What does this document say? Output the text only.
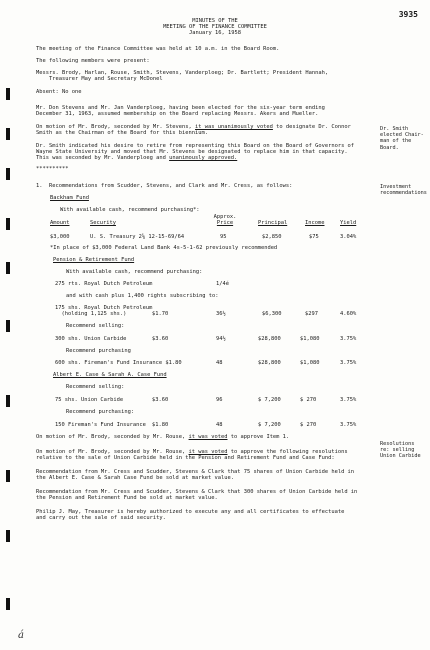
3935
MINUTES OF THE
MEETING OF THE FINANCE COMMITTEE
January 16, 1958
The meeting of the Finance Committee was held at 10 a.m. in the Board Room.
The following members were present:
Messrs. Brody, Harlan, Rouse, Smith, Stevens, Vanderploeg; Dr. Bartlett; President Hannah,
Treasurer May and Secretary McDonel
Absent: No one
Mr. Don Stevens and Mr. Jan Vanderploeg, having been elected for the six-year term ending
December 31, 1963, assumed membership on the Board replacing Messrs. Akers and Mueller.
On motion of Mr. Brody, seconded by Mr. Stevens, it was unanimously voted to designate Dr. Connor
Smith as the Chairman of the Board for this biennium.
Dr. Smith indicated his desire to retire from representing this Board on the Board of Governors of
Wayne State University and moved that Mr. Stevens be designated to replace him in that capacity.
This was seconded by Mr. Vanderploeg and unanimously approved.
**********
1.  Recommendations from Scudder, Stevens, and Clark and Mr. Cress, as follows:
Backham Fund
With available cash, recommend purchasing*:
Approx.
Amount	Security	Price	Principal	Income	Yield
$3,000	U. S. Treasury 2⅝ 12-15-69/64	95	$2,850	$75	3.04%
*In place of $3,000 Federal Land Bank 4s-5-1-62 previously recommended
Pension & Retirement Fund
With available cash, recommend purchasing:
275 rts. Royal Dutch Petroleum	1/4é
and with cash plus 1,400 rights subscribing to:
175 shs. Royal Dutch Petroleum
(holding 1,125 shs.)	$1.70	36½	$6,300	$297	4.60%
Recommend selling:
300 shs. Union Carbide	$3.60	94½	$28,800	$1,080	3.75%
Recommend purchasing
600 shs. Fireman's Fund Insurance $1.80	48	$28,800	$1,080	3.75%
Albert E. Case & Sarah A. Case Fund
Recommend selling:
75 shs. Union Carbide	$3.60	96	$ 7,200	$ 270	3.75%
Recommend purchasing:
150 Fireman's Fund Insurance $1.80	48	$ 7,200	$ 270	3.75%
On motion of Mr. Brody, seconded by Mr. Rouse, it was voted to approve Item 1.
On motion of Mr. Brody, seconded by Mr. Rouse, it was voted to approve the following resolutions
relative to the sale of Union Carbide held in the Pension and Retirement Fund and Case Fund:
Recommendation from Mr. Cress and Scudder, Stevens & Clark that 75 shares of Union Carbide held in
the Albert E. Case & Sarah Case Fund be sold at market value.
Recommendation from Mr. Cress and Scudder, Stevens & Clark that 300 shares of Union Carbide held in
the Pension and Retirement Fund be sold at market value.
Philip J. May, Treasurer is hereby authorized to execute any and all certificates to effectuate
and carry out the sale of said security.
Dr. Smith
elected Chair-
man of the
Board.
Investment
recommendations
Resolutions
re: selling
Union Carbide
á
